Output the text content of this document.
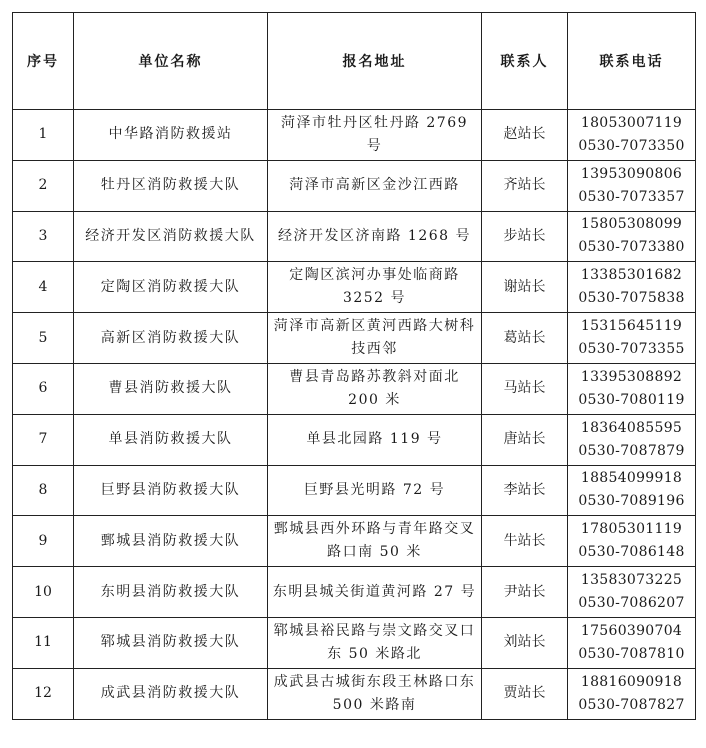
序号	单位名称	报名地址	联系人	联系电话
1	中华路消防救援站	菏泽市牡丹区牡丹路 2769 号	赵站长	18053007119
0530-7073350

2	牡丹区消防救援大队	菏泽市高新区金沙江西路	齐站长	13953090806
0530-7073357

3	经济开发区消防救援大队	经济开发区济南路 1268 号	步站长	15805308099
0530-7073380

4	定陶区消防救援大队	定陶区滨河办事处临商路 3252 号	谢站长	13385301682
0530-7075838

5	高新区消防救援大队	菏泽市高新区黄河西路大树科技西邻	葛站长	15315645119
0530-7073355

6	曹县消防救援大队	曹县青岛路苏教斜对面北 200 米	马站长	13395308892
0530-7080119

7	单县消防救援大队	单县北园路 119 号	唐站长	18364085595
0530-7087879

8	巨野县消防救援大队	巨野县光明路 72 号	李站长	18854099918
0530-7089196

9	鄄城县消防救援大队	鄄城县西外环路与青年路交叉路口南 50 米	牛站长	17805301119
0530-7086148

10	东明县消防救援大队	东明县城关街道黄河路 27 号	尹站长	13583073225
0530-7086207

11	郓城县消防救援大队	郓城县裕民路与崇文路交叉口东 50 米路北	刘站长	17560390704
0530-7087810

12	成武县消防救援大队	成武县古城街东段王林路口东 500 米路南	贾站长	18816090918
0530-7087827
